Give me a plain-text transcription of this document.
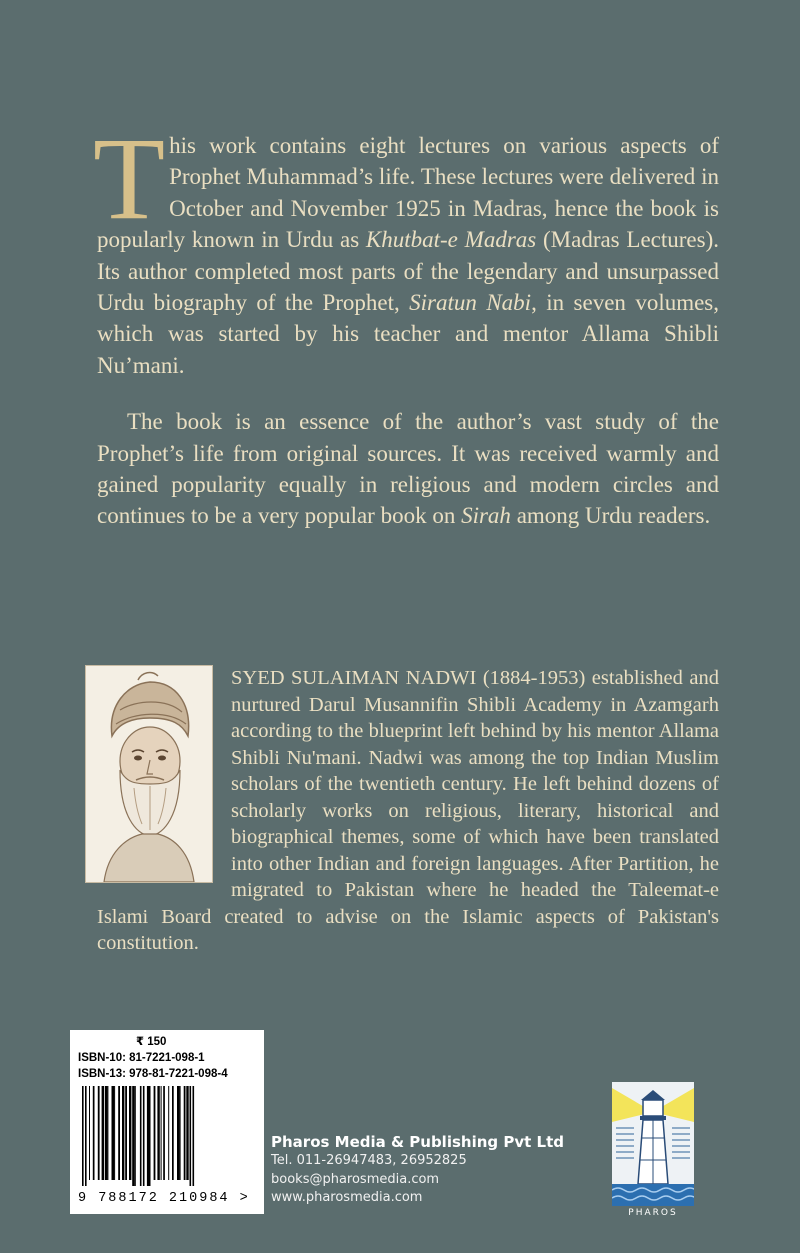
This work contains eight lectures on various aspects of Prophet Muhammad’s life. These lectures were delivered in October and November 1925 in Madras, hence the book is popularly known in Urdu as Khutbat-e Madras (Madras Lectures). Its author completed most parts of the legendary and unsurpassed Urdu biography of the Prophet, Siratun Nabi, in seven volumes, which was started by his teacher and mentor Allama Shibli Nu’mani.

The book is an essence of the author’s vast study of the Prophet’s life from original sources. It was received warmly and gained popularity equally in religious and modern circles and continues to be a very popular book on Sirah among Urdu readers.

SYED SULAIMAN NADWI (1884-1953) established and nurtured Darul Musannifin Shibli Academy in Azamgarh according to the blueprint left behind by his mentor Allama Shibli Nu'mani. Nadwi was among the top Indian Muslim scholars of the twentieth century. He left behind dozens of scholarly works on religious, literary, historical and biographical themes, some of which have been translated into other Indian and foreign languages. After Partition, he migrated to Pakistan where he headed the Taleemat-e Islami Board created to advise on the Islamic aspects of Pakistan's constitution.

₹ 150
ISBN-10: 81-7221-098-1
ISBN-13: 978-81-7221-098-4
9 788172 210984 >
Pharos Media & Publishing Pvt Ltd
Tel. 011-26947483, 26952825
books@pharosmedia.com
www.pharosmedia.com
PHAROS
